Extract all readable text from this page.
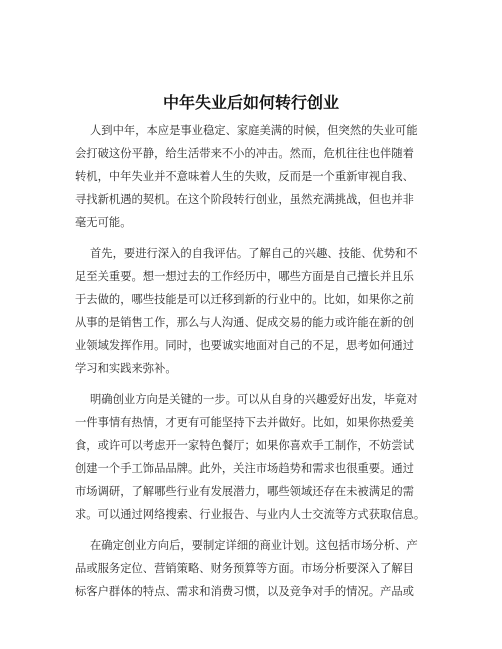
中年失业后如何转行创业

人到中年，本应是事业稳定、家庭美满的时候，但突然的失业可能

会打破这份平静，给生活带来不小的冲击。然而，危机往往也伴随着

转机，中年失业并不意味着人生的失败，反而是一个重新审视自我、

寻找新机遇的契机。在这个阶段转行创业，虽然充满挑战，但也并非

毫无可能。

首先，要进行深入的自我评估。了解自己的兴趣、技能、优势和不

足至关重要。想一想过去的工作经历中，哪些方面是自己擅长并且乐

于去做的，哪些技能是可以迁移到新的行业中的。比如，如果你之前

从事的是销售工作，那么与人沟通、促成交易的能力或许能在新的创

业领域发挥作用。同时，也要诚实地面对自己的不足，思考如何通过

学习和实践来弥补。

明确创业方向是关键的一步。可以从自身的兴趣爱好出发，毕竟对

一件事情有热情，才更有可能坚持下去并做好。比如，如果你热爱美

食，或许可以考虑开一家特色餐厅；如果你喜欢手工制作，不妨尝试

创建一个手工饰品品牌。此外，关注市场趋势和需求也很重要。通过

市场调研，了解哪些行业有发展潜力，哪些领域还存在未被满足的需

求。可以通过网络搜索、行业报告、与业内人士交流等方式获取信息。

在确定创业方向后，要制定详细的商业计划。这包括市场分析、产

品或服务定位、营销策略、财务预算等方面。市场分析要深入了解目

标客户群体的特点、需求和消费习惯，以及竞争对手的情况。产品或
